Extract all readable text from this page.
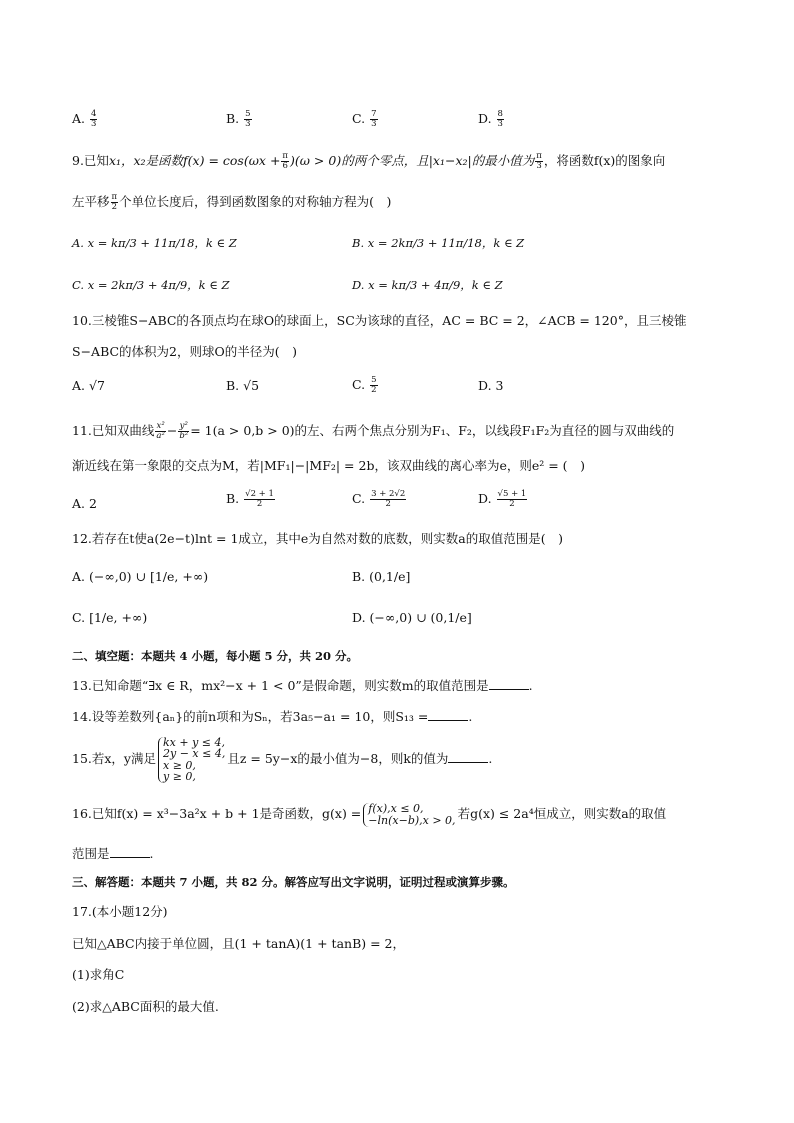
A. $\frac{4}{3}$	B. $\frac{5}{3}$	C. $\frac{7}{3}$	D. $\frac{8}{3}$
9.已知x₁，x₂是函数$f(x) = \cos(\omega x + \frac{\pi}{6} )(\omega > 0)$的两个零点，且|x₁−x₂|的最小值为 $\frac{\pi}{3}$ ，将函数f(x)的图象向
左平移 $\frac{\pi}{2}$ 个单位长度后，得到函数图象的对称轴方程为(　)
A. x = kπ/3 + 11π/18，k ∈ Z	B. x = 2kπ/3 + 11π/18，k ∈ Z
C. x = 2kπ/3 + 4π/9，k ∈ Z	D. x = kπ/3 + 4π/9，k ∈ Z
10.三棱锥S−ABC的各顶点均在球O的球面上，SC为该球的直径，AC = BC = 2，∠ACB = 120°，且三棱锥
S−ABC的体积为2，则球O的半径为(　)
A. √7	B. √5	C. $\frac{5}{2}$	D. 3
11.已知双曲线 $\frac{\text{x²}}{\text{a²}} - \frac{\text{y²}}{\text{b²}} = 1(a > 0,b > 0)$的左、右两个焦点分别为F₁、F₂，以线段F₁F₂为直径的圆与双曲线的
渐近线在第一象限的交点为M，若|MF₁|−|MF₂| = 2b，该双曲线的离心率为e，则e² = (　)
A. 2	B. $\frac{√2 + 1}{2}$	C. $\frac{3 + 2√2}{2}$	D. $\frac{√5 + 1}{2}$
12.若存在t使a(2e−t)lnt = 1成立，其中e为自然对数的底数，则实数a的取值范围是(　)
A. (−∞,0) ∪ [1/e, +∞)	B. (0,1/e]
C. [1/e, +∞)	D. (−∞,0) ∪ (0,1/e]
二、填空题：本题共 4 小题，每小题 5 分，共 20 分。
13.已知命题“∃x ∈ R，mx²−x + 1 < 0”是假命题，则实数m的取值范围是	.
14.设等差数列{aₙ}的前n项和为Sₙ，若3a₅−a₁ = 10，则S₁₃ =	.
15.若x，y满足
kx + y ≤ 4,
2y − x ≤ 4,
x ≥ 0,
y ≥ 0,
且z = 5y−x的最小值为−8，则k的值为	.
16.已知f(x) = x³−3a²x + b + 1是奇函数，g(x) = f(x),x ≤ 0,
−ln(x−b),x > 0, 若g(x) ≤ 2a⁴恒成立，则实数a的取值
范围是	.
三、解答题：本题共 7 小题，共 82 分。解答应写出文字说明，证明过程或演算步骤。
17.(本小题12分)
已知△ABC内接于单位圆，且(1 + tanA)(1 + tanB) = 2，
(1)求角C
(2)求△ABC面积的最大值.
